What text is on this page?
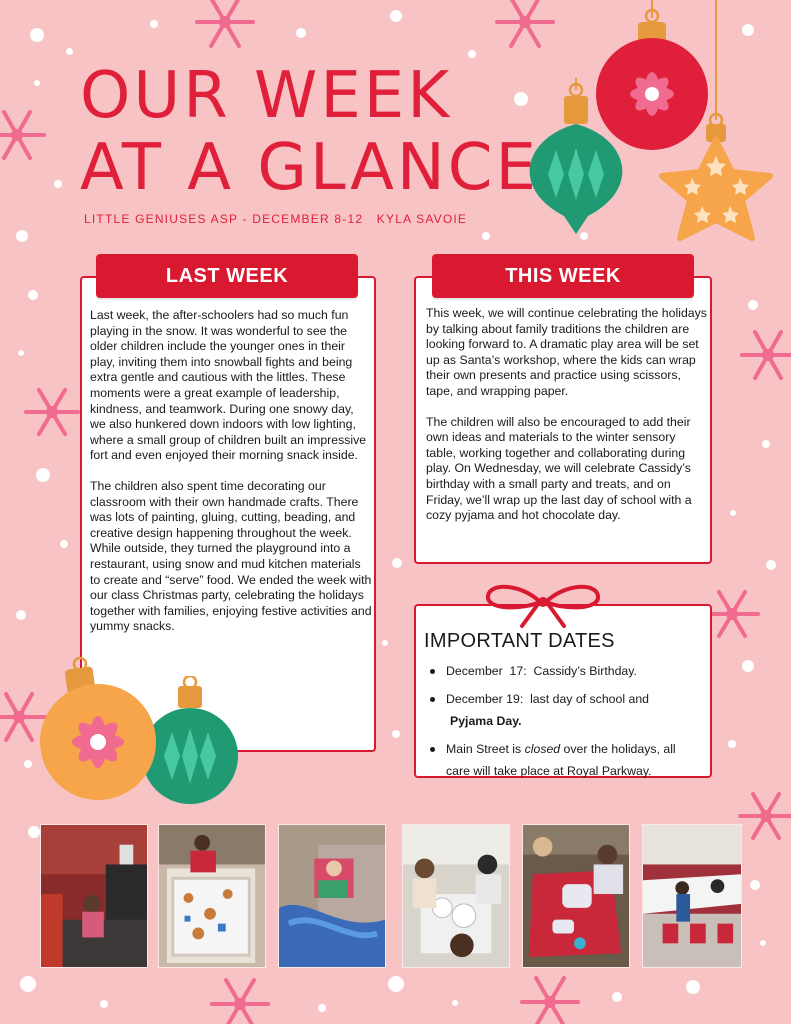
OUR WEEK
AT A GLANCE
LITTLE GENIUSES ASP - DECEMBER 8-12   KYLA SAVOIE

Last week, the after-schoolers had so much fun playing in the snow. It was wonderful to see the older children include the younger ones in their play, inviting them into snowball fights and being extra gentle and cautious with the littles. These moments were a great example of leadership, kindness, and teamwork. During one snowy day, we also hunkered down indoors with low lighting, where a small group of children built an impressive fort and even enjoyed their morning snack inside.

The children also spent time decorating our classroom with their own handmade crafts. There was lots of painting, gluing, cutting, beading, and creative design happening throughout the week. While outside, they turned the playground into a restaurant, using snow and mud kitchen materials to create and “serve” food. We ended the week with our class Christmas party, celebrating the holidays together with families, enjoying festive activities and yummy snacks.

LAST WEEK

This week, we will continue celebrating the holidays by talking about family traditions the children are looking forward to. A dramatic play area will be set up as Santa’s workshop, where the kids can wrap their own presents and practice using scissors, tape, and wrapping paper.

The children will also be encouraged to add their own ideas and materials to the winter sensory table, working together and collaborating during play. On Wednesday, we will celebrate Cassidy’s birthday with a small party and treats, and on Friday, we’ll wrap up the last day of school with a cozy pyjama and hot chocolate day.

THIS WEEK
IMPORTANT DATES
December  17:  Cassidy’s Birthday.
December 19:  last day of school and
Pyjama Day.
Main Street is closed over the holidays, all care will take place at Royal Parkway.
